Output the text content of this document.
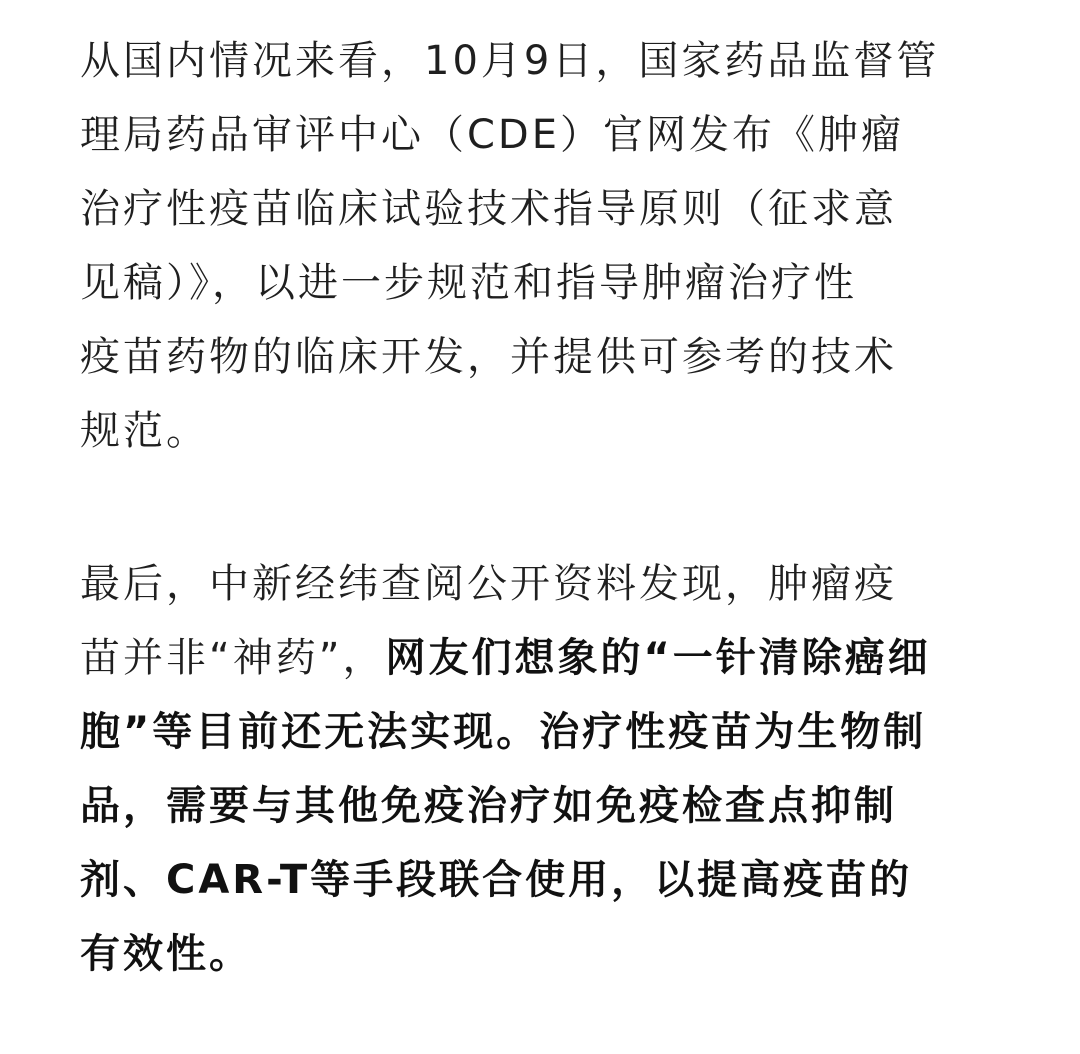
从国内情况来看，10月9日，国家药品监督管
理局药品审评中心（CDE）官网发布《肿瘤
治疗性疫苗临床试验技术指导原则（征求意
见稿）》，以进一步规范和指导肿瘤治疗性
疫苗药物的临床开发，并提供可参考的技术
规范。
最后，中新经纬查阅公开资料发现，肿瘤疫
苗并非“神药”，网友们想象的“一针清除癌细
胞”等目前还无法实现。治疗性疫苗为生物制
品，需要与其他免疫治疗如免疫检查点抑制
剂、CAR-T等手段联合使用，以提高疫苗的
有效性。
